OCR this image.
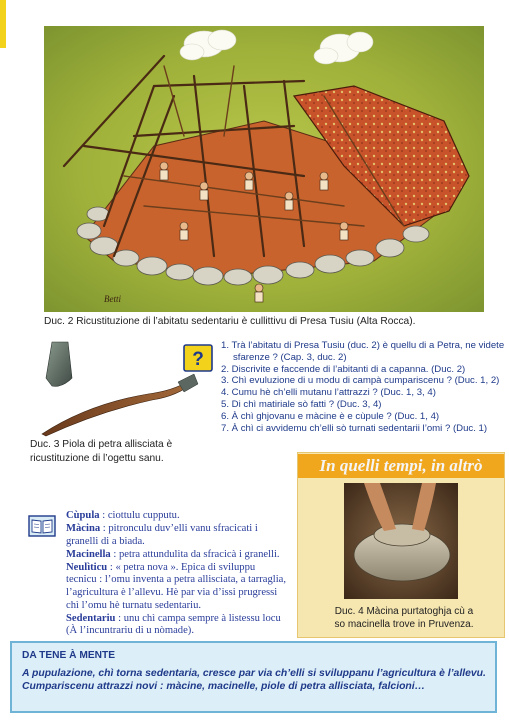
Betti
Duc. 2 Ricustituzione di l’abitatu sedentariu è cullittivu di Presa Tusiu (Alta Rocca).
Duc. 3 Piola di petra allisciata è
ricustituzione di l’ogettu sanu.
?
1. Trà l’abitatu di Presa Tusiu (duc. 2) è quellu di a Petra, ne videte sfarenze ? (Cap. 3, duc. 2)
2. Discrivite e faccende di l’abitanti di a capanna. (Duc. 2)
3. Chì evuluzione di u modu di campà cumpariscenu ? (Duc. 1, 2)
4. Cumu hè ch’elli mutanu l’attrazzi ? (Duc. 1, 3, 4)
5. Di chì matiriale sò fatti ? (Duc. 3, 4)
6. À chì ghjovanu e màcine è e cùpule ? (Duc. 1, 4)
7. À chì ci avvidemu ch’elli sò turnati sedentarii l’omi ? (Duc. 1)

Cùpula : ciottulu cupputu.

Màcina : pitronculu duv’elli vanu sfracicati i granelli di a biada.

Macinella : petra attundulita da sfracicà i granelli.

Neulìticu : « petra nova ». Epica di sviluppu tecnicu : l’omu inventa a petra allisciata, a tarraglia, l’agricultura è l’allevu. Hè par via d’issi prugressi chì l’omu hè turnatu sedentariu.

Sedentariu : unu chì campa sempre à listessu locu (À l’incuntrariu di u nòmade).

In quelli tempi, in altrò
Duc. 4 Màcina purtatoghja cù a
so macinella trove in Pruvenza.
DA TENE À MENTE

A pupulazione, chì torna sedentaria, cresce par via ch’elli si sviluppanu l’agricultura è l’allevu.

Cumpariscenu attrazzi novi : màcine, macinelle, piole di petra allisciata, falcioni…
